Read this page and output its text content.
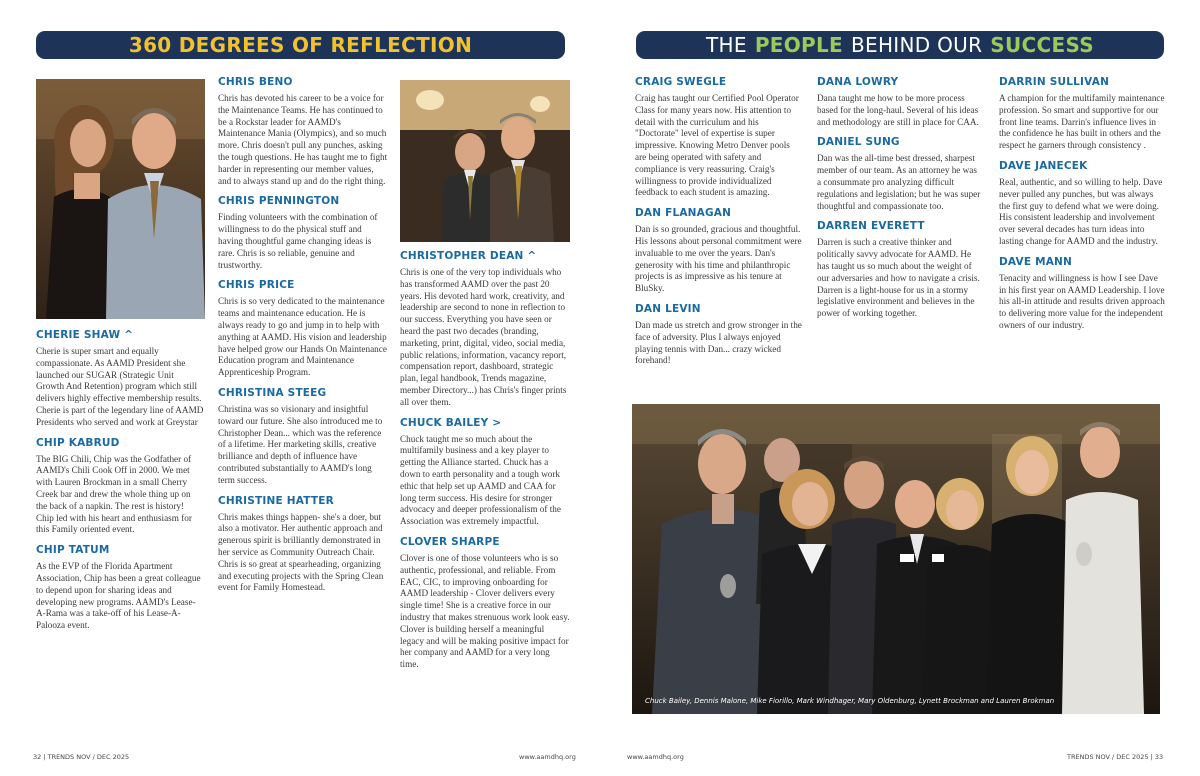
360 DEGREES OF REFLECTION	THE PEOPLE BEHIND OUR SUCCESS
CHERIE SHAW ^

Cherie is super smart and equally compassionate. As AAMD President she launched our SUGAR (Strategic Unit Growth And Retention) program which still delivers highly effective membership results. Cherie is part of the legendary line of AAMD Presidents who served and work at Greystar

CHIP KABRUD

The BIG Chili, Chip was the Godfather of AAMD's Chili Cook Off in 2000. We met with Lauren Brockman in a small Cherry Creek bar and drew the whole thing up on the back of a napkin. The rest is history! Chip led with his heart and enthusiasm for this Family oriented event.

CHIP TATUM

As the EVP of the Florida Apartment Association, Chip has been a great colleague to depend upon for sharing ideas and developing new programs. AAMD's Lease-A-Rama was a take-off of his Lease-A-Palooza event.

CHRIS BENO

Chris has devoted his career to be a voice for the Maintenance Teams. He has continued to be a Rockstar leader for AAMD's Maintenance Mania (Olympics), and so much more. Chris doesn't pull any punches, asking the tough questions. He has taught me to fight harder in representing our member values, and to always stand up and do the right thing.

CHRIS PENNINGTON

Finding volunteers with the combination of willingness to do the physical stuff and having thoughtful game changing ideas is rare. Chris is so reliable, genuine and trustworthy.

CHRIS PRICE

Chris is so very dedicated to the maintenance teams and maintenance education. He is always ready to go and jump in to help with anything at AAMD. His vision and leadership have helped grow our Hands On Maintenance Education program and Maintenance Apprenticeship Program.

CHRISTINA STEEG

Christina was so visionary and insightful toward our future. She also introduced me to Christopher Dean... which was the reference of a lifetime. Her marketing skills, creative brilliance and depth of influence have contributed substantially to AAMD's long term success.

CHRISTINE HATTER

Chris makes things happen- she's a doer, but also a motivator. Her authentic approach and generous spirit is brilliantly demonstrated in her service as Community Outreach Chair. Chris is so great at spearheading, organizing and executing projects with the Spring Clean event for Family Homestead.

CHRISTOPHER DEAN ^

Chris is one of the very top individuals who has transformed AAMD over the past 20 years. His devoted hard work, creativity, and leadership are second to none in reflection to our success. Everything you have seen or heard the past two decades (branding, marketing, print, digital, video, social media, public relations, information, vacancy report, compensation report, dashboard, strategic plan, legal handbook, Trends magazine, member Directory...) has Chris's finger prints all over them.

CHUCK BAILEY >

Chuck taught me so much about the multifamily business and a key player to getting the Alliance started. Chuck has a down to earth personality and a tough work ethic that help set up AAMD and CAA for long term success. His desire for stronger advocacy and deeper professionalism of the Association was extremely impactful.

CLOVER SHARPE

Clover is one of those volunteers who is so authentic, professional, and reliable. From EAC, CIC, to improving onboarding for AAMD leadership - Clover delivers every single time! She is a creative force in our industry that makes strenuous work look easy. Clover is building herself a meaningful legacy and will be making positive impact for her company and AAMD for a very long time.

CRAIG SWEGLE

Craig has taught our Certified Pool Operator Class for many years now. His attention to detail with the curriculum and his "Doctorate" level of expertise is super impressive. Knowing Metro Denver pools are being operated with safety and compliance is very reassuring. Craig's willingness to provide individualized feedback to each student is amazing.

DAN FLANAGAN

Dan is so grounded, gracious and thoughtful. His lessons about personal commitment were invaluable to me over the years. Dan's generosity with his time and philanthropic projects is as impressive as his tenure at BluSky.

DAN LEVIN

Dan made us stretch and grow stronger in the face of adversity. Plus I always enjoyed playing tennis with Dan... crazy wicked forehand!

DANA LOWRY

Dana taught me how to be more process based for the long-haul. Several of his ideas and methodology are still in place for CAA.

DANIEL SUNG

Dan was the all-time best dressed, sharpest member of our team. As an attorney he was a consummate pro analyzing difficult regulations and legislation; but he was super thoughtful and compassionate too.

DARREN EVERETT

Darren is such a creative thinker and politically savvy advocate for AAMD. He has taught us so much about the weight of our adversaries and how to navigate a crisis. Darren is a light-house for us in a stormy legislative environment and believes in the power of working together.

DARRIN SULLIVAN

A champion for the multifamily maintenance profession. So smart and supportive for our front line teams. Darrin's influence lives in the confidence he has built in others and the respect he garners through consistency .

DAVE JANECEK

Real, authentic, and so willing to help. Dave never pulled any punches, but was always the first guy to defend what we were doing. His consistent leadership and involvement over several decades has turn ideas into lasting change for AAMD and the industry.

DAVE MANN

Tenacity and willingness is how I see Dave in his first year on AAMD Leadership. I love his all-in attitude and results driven approach to delivering more value for the independent owners of our industry.

Chuck Bailey, Dennis Malone, Mike Fiorillo, Mark Windhager, Mary Oldenburg, Lynett Brockman and Lauren Brokman
32 | TRENDS NOV / DEC 2025	www.aamdhq.org	www.aamdhq.org	TRENDS NOV / DEC 2025 | 33
